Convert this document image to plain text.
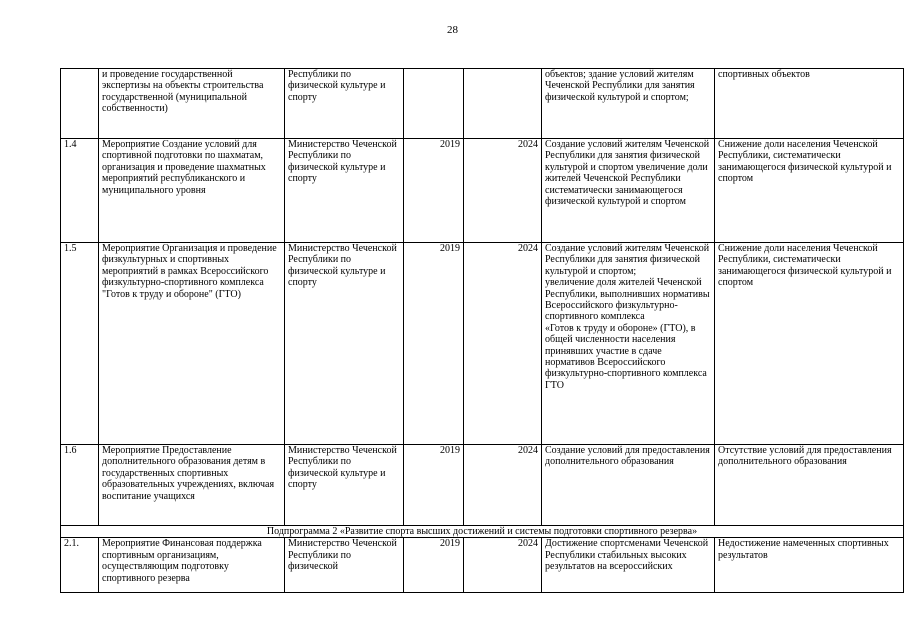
28
	и проведение государственной экспертизы на объекты строительства государственной (муниципальной собственности)	Республики по физической культуре и спорту			объектов; здание условий жителям Чеченской Республики для занятия физической культурой и спортом;	спортивных объектов
1.4	Мероприятие Создание условий для спортивной подготовки по шахматам, организация и проведение шахматных мероприятий республиканского и муниципального уровня	Министерство Чеченской Республики по физической культуре и спорту	2019	2024	Создание условий жителям Чеченской Республики для занятия физической культурой и спортом увеличение доли жителей Чеченской Республики систематически занимающегося физической культурой и спортом	Снижение доли населения Чеченской Республики, систематически занимающегося физической культурой и спортом
1.5	Мероприятие Организация и проведение физкультурных и спортивных мероприятий в рамках Всероссийского физкультурно-спортивного комплекса "Готов к труду и обороне" (ГТО)	Министерство Чеченской Республики по физической культуре и спорту	2019	2024	Создание условий жителям Чеченской Республики для занятия физической культурой и спортом;
увеличение доля жителей Чеченской Республики, выполнивших нормативы Всероссийского физкультурно-спортивного комплекса
«Готов к труду и обороне» (ГТО), в общей численности населения принявших участие в сдаче нормативов Всероссийского физкультурно-спортивного комплекса ГТО	Снижение доли населения Чеченской Республики, систематически занимающегося физической культурой и спортом
1.6	Мероприятие Предоставление дополнительного образования детям в государственных спортивных образовательных учреждениях, включая воспитание учащихся	Министерство Чеченской Республики по физической культуре и спорту	2019	2024	Создание условий для предоставления дополнительного образования	Отсутствие условий для предоставления дополнительного образования
Подпрограмма 2 «Развитие спорта высших достижений и системы подготовки спортивного резерва»						
2.1.	Мероприятие Финансовая поддержка спортивным организациям, осуществляющим подготовку спортивного резерва	Министерство Чеченской Республики по физической	2019	2024	Достижение спортсменами Чеченской Республики стабильных высоких результатов на всероссийских	Недостижение намеченных спортивных результатов
